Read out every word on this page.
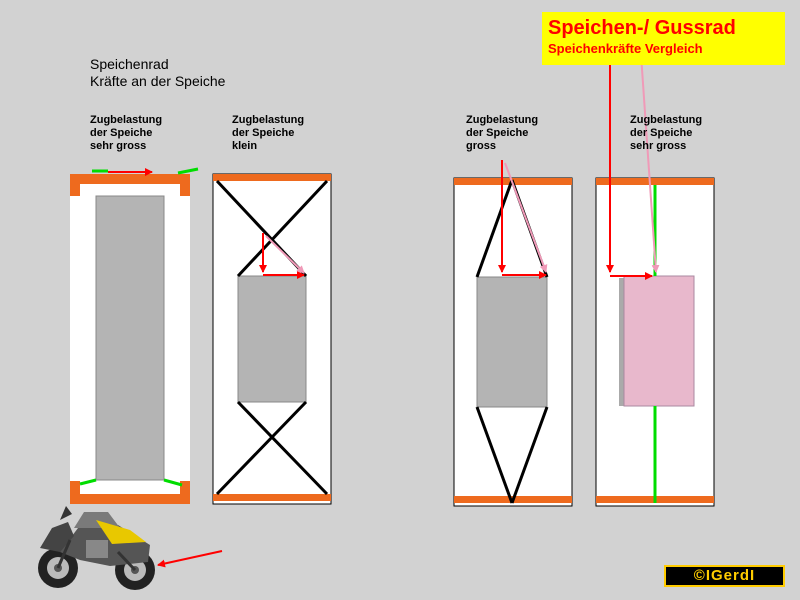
Speichen-/ Gussrad
Speichenkräfte Vergleich
Speichenrad
Kräfte an der Speiche
Zugbelastung
der Speiche
sehr gross
Zugbelastung
der Speiche
klein
Zugbelastung
der Speiche
gross
Zugbelastung
der Speiche
sehr gross
©IGerdI
